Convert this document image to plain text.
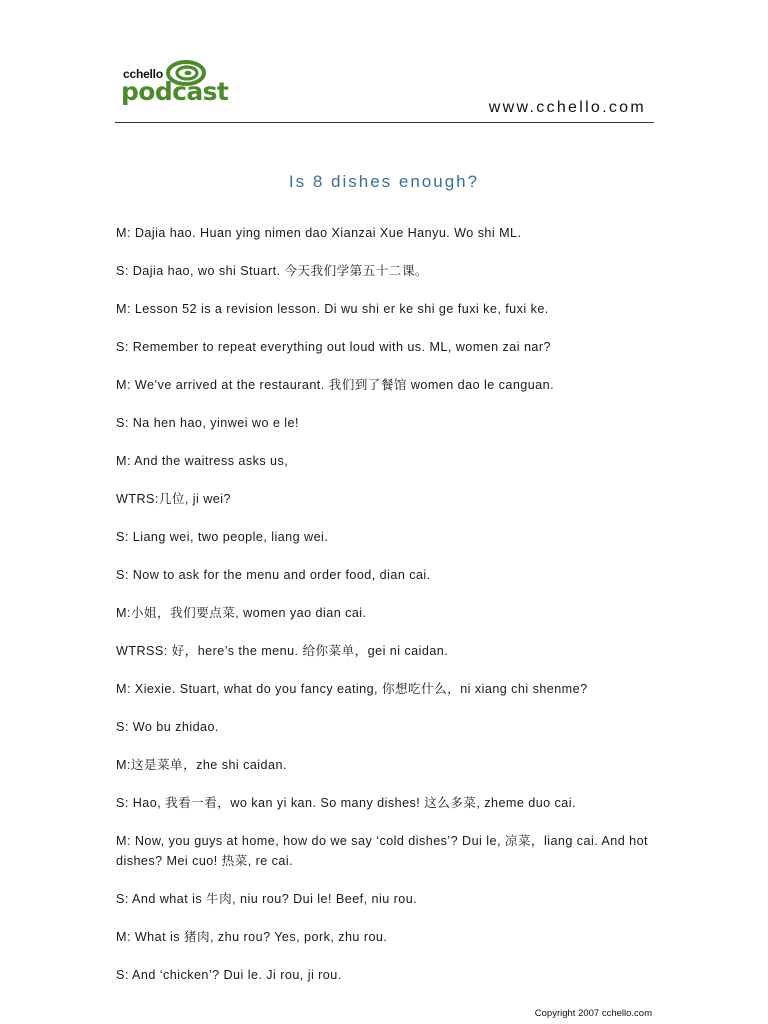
cchello
podcast
www.cchello.com
Is 8 dishes enough?

M: Dajia hao. Huan ying nimen dao Xianzai Xue Hanyu. Wo shi ML.

S: Dajia hao, wo shi Stuart. 今天我们学第五十二课。

M: Lesson 52 is a revision lesson. Di wu shi er ke shi ge fuxi ke, fuxi ke.

S: Remember to repeat everything out loud with us. ML, women zai nar?

M: We’ve arrived at the restaurant. 我们到了餐馆 women dao le canguan.

S: Na hen hao, yinwei wo e le!

M: And the waitress asks us,

WTRS:几位, ji wei?

S: Liang wei, two people, liang wei.

S: Now to ask for the menu and order food, dian cai.

M:小姐，我们要点菜, women yao dian cai.

WTRSS: 好，here’s the menu. 给你菜单，gei ni caidan.

M: Xiexie. Stuart, what do you fancy eating, 你想吃什么，ni xiang chi shenme?

S: Wo bu zhidao.

M:这是菜单，zhe shi caidan.

S: Hao, 我看一看，wo kan yi kan. So many dishes! 这么多菜, zheme duo cai.

M: Now, you guys at home, how do we say ‘cold dishes’? Dui le, 凉菜，liang cai. And hot dishes? Mei cuo! 热菜, re cai.

S: And what is 牛肉, niu rou? Dui le! Beef, niu rou.

M: What is 猪肉, zhu rou? Yes, pork, zhu rou.

S: And ‘chicken’? Dui le. Ji rou, ji rou.

Copyright 2007 cchello.com
